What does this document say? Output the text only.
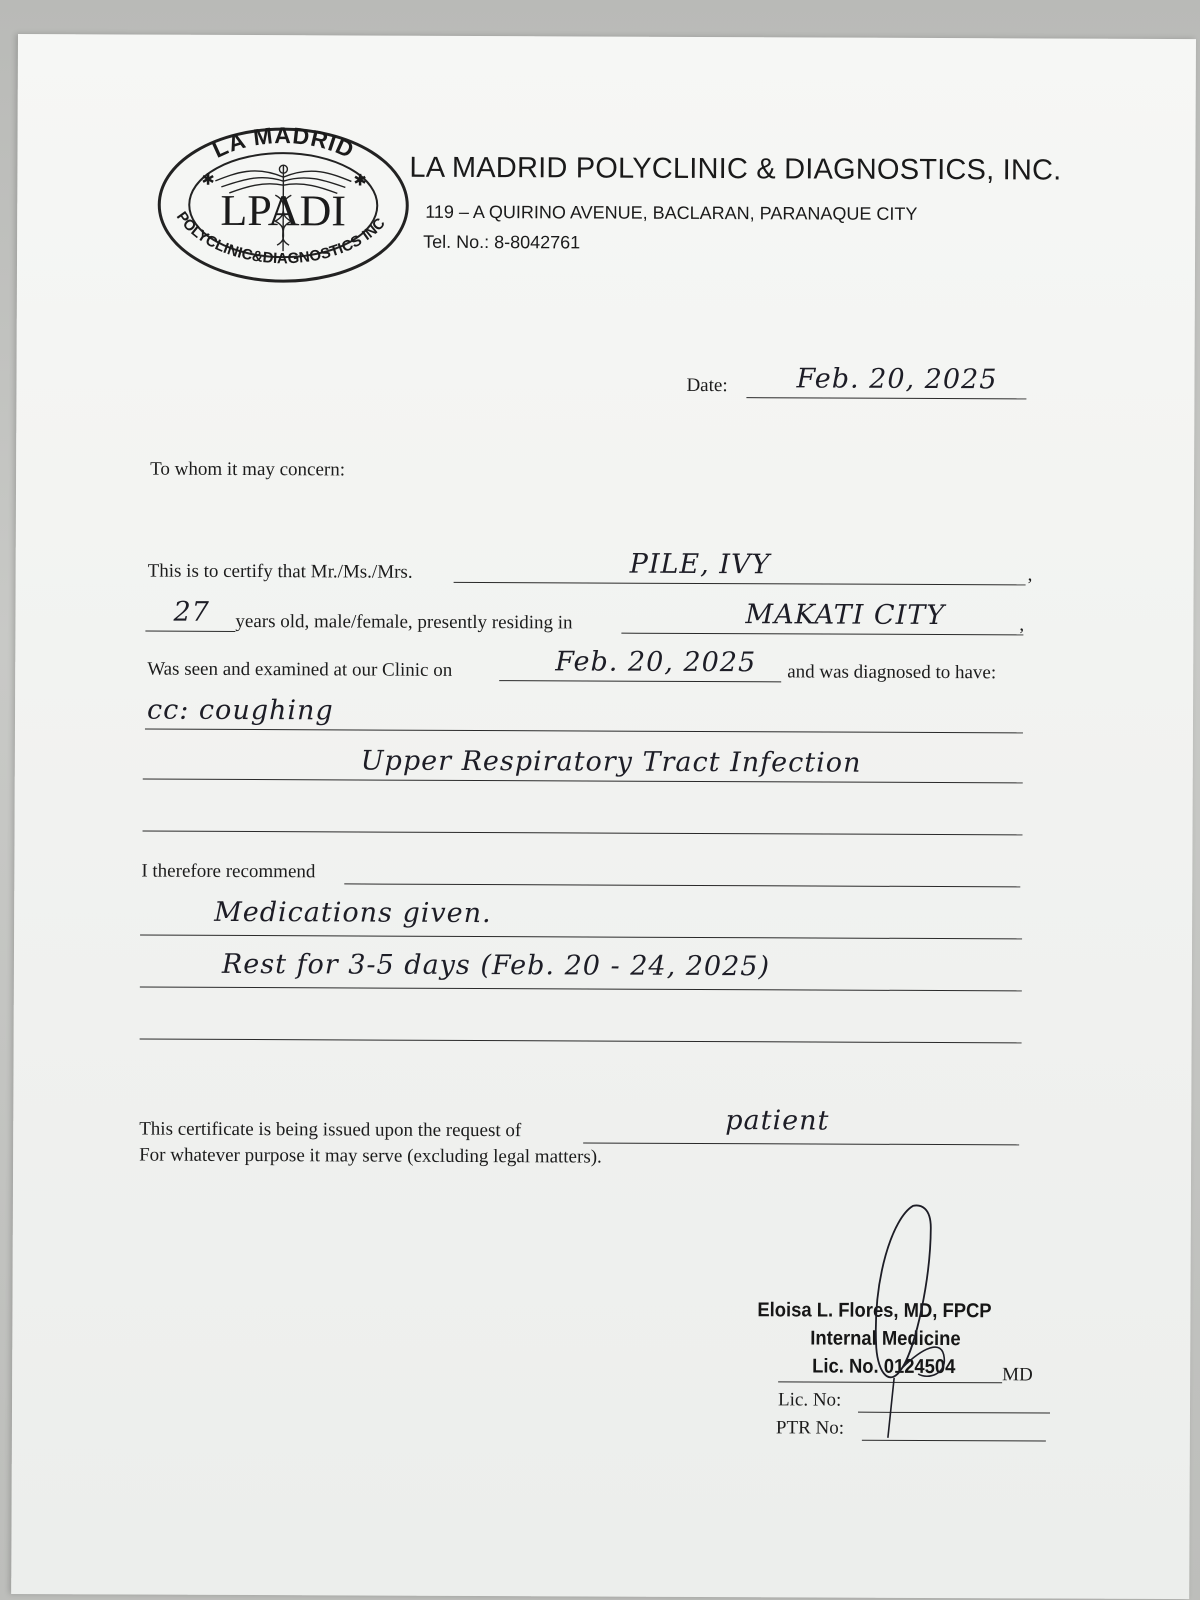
LPADI
LA MADRID
POLYCLINIC&DIAGNOSTICS INC
✱	✱ LA MADRID POLYCLINIC & DIAGNOSTICS, INC.
119 – A QUIRINO AVENUE, BACLARAN, PARANAQUE CITY
Tel. No.: 8-8042761
Date:	Feb. 20, 2025
To whom it may concern:
This is to certify that Mr./Ms./Mrs.	,
PILE, IVY
27 years old, male/female, presently residing in	,
MAKATI CITY
Was seen and examined at our Clinic on	Feb. 20, 2025 and was diagnosed to have:
cc: coughing
Upper Respiratory Tract Infection
I therefore recommend
Medications given.
Rest for 3-5 days (Feb. 20 - 24, 2025)
This certificate is being issued upon the request of	patient
For whatever purpose it may serve (excluding legal matters).
Eloisa L. Flores, MD, FPCP
Internal Medicine
Lic. No. 0124504 MD
Lic. No:
PTR No:
